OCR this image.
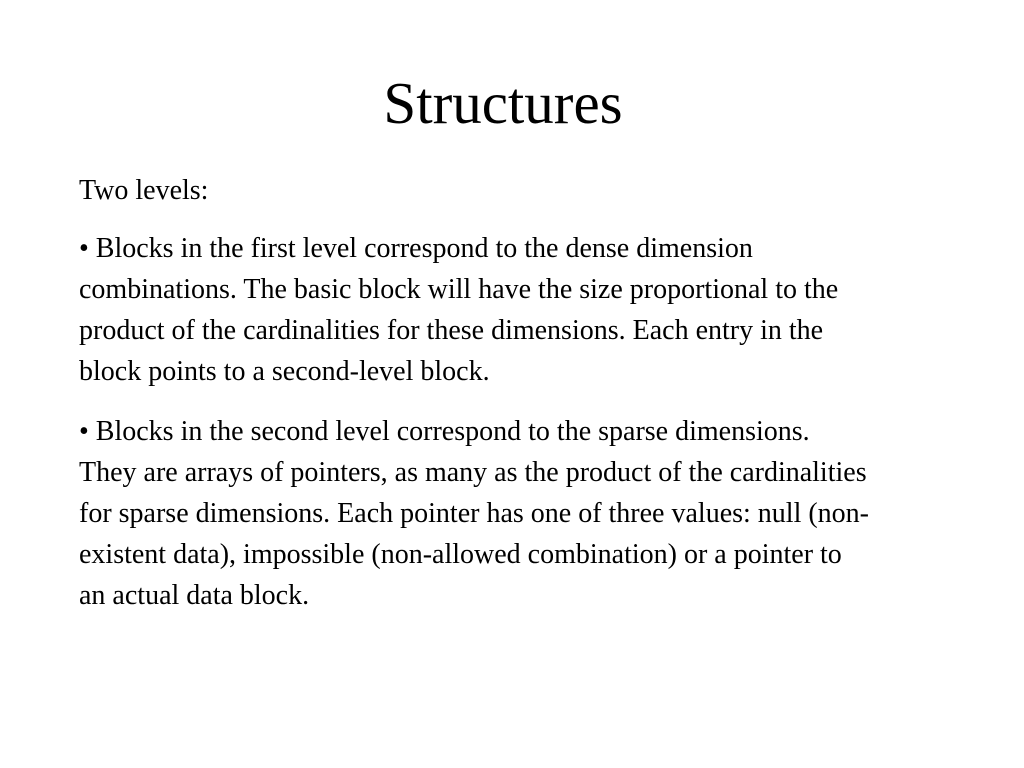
Structures

Two levels:

• Blocks in the first level correspond to the dense dimension combinations. The basic block will have the size proportional to the product of the cardinalities for these dimensions. Each entry in the block points to a second-level block.

• Blocks in the second level correspond to the sparse dimensions. They are arrays of pointers, as many as the product of the cardinalities for sparse dimensions. Each pointer has one of three values: null (non-existent data), impossible (non-allowed combination) or a pointer to an actual data block.
